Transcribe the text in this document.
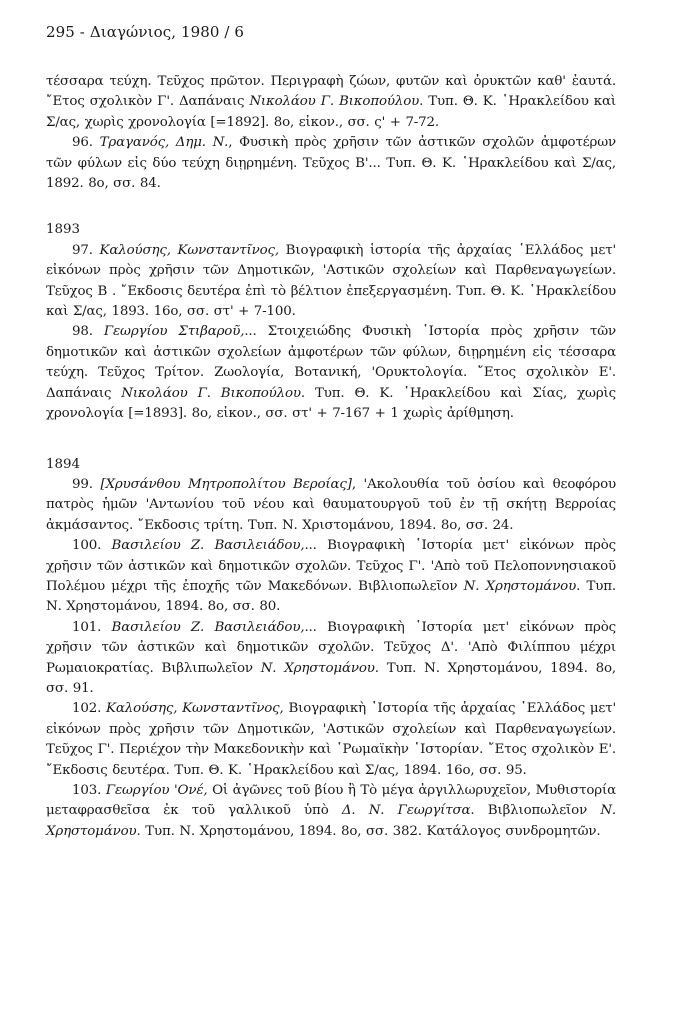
295 - Διαγώνιος, 1980 / 6

τέσσαρα τεύχη. Τεῦχος πρῶτον. Περιγραφὴ ζώων, φυτῶν καὶ ὀρυκτῶν καθ' ἑαυτά. ῎Ετος σχολικὸν Γ'. Δαπάναις Νικολάου Γ. Βικοπούλου. Τυπ. Θ. Κ. ῾Ηρακλείδου καὶ Σ/ας, χωρὶς χρονολογία [=1892]. 8ο, εἰκον., σσ. ς' + 7-72.

96. Τραγανός, Δημ. Ν., Φυσικὴ πρὸς χρῆσιν τῶν ἀστικῶν σχολῶν ἀμφοτέρων τῶν φύλων εἰς δύο τεύχη διῃρημένη. Τεῦχος Β'... Τυπ. Θ. Κ. ῾Ηρακλείδου καὶ Σ/ας, 1892. 8ο, σσ. 84.

1893

97. Καλούσης, Κωνσταντῖνος, Βιογραφικὴ ἱστορία τῆς ἀρχαίας ῾Ελλάδος μετ' εἰκόνων πρὸς χρῆσιν τῶν Δημοτικῶν, 'Αστικῶν σχολείων καὶ Παρθεναγωγείων. Τεῦχος Β . ῎Εκδοσις δευτέρα ἐπὶ τὸ βέλτιον ἐπεξεργασμένη. Τυπ. Θ. Κ. ῾Ηρακλείδου καὶ Σ/ας, 1893. 16ο, σσ. στ' + 7-100.

98. Γεωργίου Στιβαροῦ,... Στοιχειώδης Φυσικὴ ῾Ιστορία πρὸς χρῆσιν τῶν δημοτικῶν καὶ ἀστικῶν σχολείων ἀμφοτέρων τῶν φύλων, διῃρημένη εἰς τέσσαρα τεύχη. Τεῦχος Τρίτον. Ζωολογία, Βοτανική, 'Ορυκτολογία. ῎Ετος σχολικὸν Ε'. Δαπάναις Νικολάου Γ. Βικοπούλου. Τυπ. Θ. Κ. ῾Ηρακλείδου καὶ Σίας, χωρὶς χρονολογία [=1893]. 8ο, εἰκον., σσ. στ' + 7-167 + 1 χωρὶς ἀρίθμηση.

1894

99. [Χρυσάνθου Μητροπολίτου Βεροίας], 'Ακολουθία τοῦ ὁσίου καὶ θεοφόρου πατρὸς ἡμῶν 'Αντωνίου τοῦ νέου καὶ θαυματουργοῦ τοῦ ἐν τῇ σκήτῃ Βερροίας ἀκμάσαντος. ῎Εκδοσις τρίτη. Τυπ. Ν. Χριστομάνου, 1894. 8ο, σσ. 24.

100. Βασιλείου Ζ. Βασιλειάδου,... Βιογραφικὴ ῾Ιστορία μετ' εἰκόνων πρὸς χρῆσιν τῶν ἀστικῶν καὶ δημοτικῶν σχολῶν. Τεῦχος Γ'. 'Απὸ τοῦ Πελοποννησιακοῦ Πολέμου μέχρι τῆς ἐποχῆς τῶν Μακεδόνων. Βιβλιοπωλεῖον Ν. Χρηστομάνου. Τυπ. Ν. Χρηστομάνου, 1894. 8ο, σσ. 80.

101. Βασιλείου Ζ. Βασιλειάδου,... Βιογραφικὴ ῾Ιστορία μετ' εἰκόνων πρὸς χρῆσιν τῶν ἀστικῶν καὶ δημοτικῶν σχολῶν. Τεῦχος Δ'. 'Απὸ Φιλίππου μέχρι Ρωμαιοκρατίας. Βιβλιπωλεῖον Ν. Χρηστομάνου. Τυπ. Ν. Χρηστομάνου, 1894. 8ο, σσ. 91.

102. Καλούσης, Κωνσταντῖνος, Βιογραφικὴ ῾Ιστορία τῆς ἀρχαίας ῾Ελλάδος μετ' εἰκόνων πρὸς χρῆσιν τῶν Δημοτικῶν, 'Αστικῶν σχολείων καὶ Παρθεναγωγείων. Τεῦχος Γ'. Περιέχον τὴν Μακεδονικὴν καὶ ῾Ρωμαϊκὴν ῾Ιστορίαν. ῎Ετος σχολικὸν Ε'. ῎Εκδοσις δευτέρα. Τυπ. Θ. Κ. ῾Ηρακλείδου καὶ Σ/ας, 1894. 16ο, σσ. 95.

103. Γεωργίου 'Ονέ, Οἱ ἀγῶνες τοῦ βίου ἢ Τὸ μέγα ἀργιλλωρυχεῖον, Μυθιστορία μεταφρασθεῖσα ἐκ τοῦ γαλλικοῦ ὑπὸ Δ. Ν. Γεωργίτσα. Βιβλιοπωλεῖον Ν. Χρηστομάνου. Τυπ. Ν. Χρηστομάνου, 1894. 8ο, σσ. 382. Κατάλογος συνδρομητῶν.
